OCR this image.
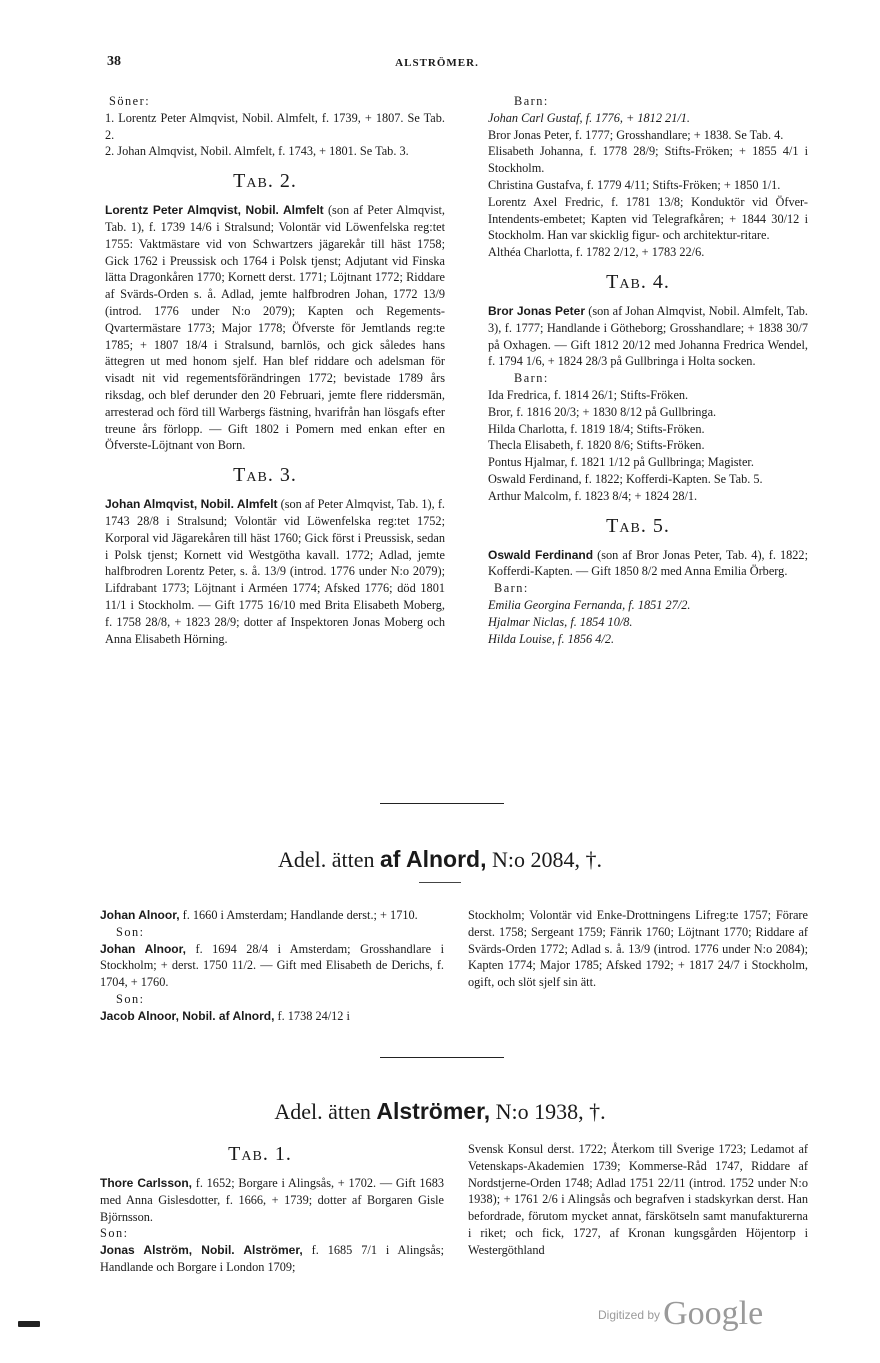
38	ALSTRÖMER.

Söner:

1. Lorentz Peter Almqvist, Nobil. Almfelt, f. 1739, + 1807. Se Tab. 2.

2. Johan Almqvist, Nobil. Almfelt, f. 1743, + 1801. Se Tab. 3.

Tab. 2.

Lorentz Peter Almqvist, Nobil. Almfelt (son af Peter Almqvist, Tab. 1), f. 1739 14/6 i Stralsund; Volontär vid Löwenfelska reg:tet 1755: Vaktmästare vid von Schwartzers jägarekår till häst 1758; Gick 1762 i Preussisk och 1764 i Polsk tjenst; Adjutant vid Finska lätta Dragonkåren 1770; Kornett derst. 1771; Löjtnant 1772; Riddare af Svärds-Orden s. å. Adlad, jemte halfbrodren Johan, 1772 13/9 (introd. 1776 under N:o 2079); Kapten och Regements-Qvartermästare 1773; Major 1778; Öfverste för Jemtlands reg:te 1785; + 1807 18/4 i Stralsund, barnlös, och gick således hans ättegren ut med honom sjelf. Han blef riddare och adelsman för visadt nit vid regementsförändringen 1772; bevistade 1789 års riksdag, och blef derunder den 20 Februari, jemte flere riddersmän, arresterad och förd till Warbergs fästning, hvarifrån han lösgafs efter treune års förlopp. — Gift 1802 i Pomern med enkan efter en Öfverste-Löjtnant von Born.

Tab. 3.

Johan Almqvist, Nobil. Almfelt (son af Peter Almqvist, Tab. 1), f. 1743 28/8 i Stralsund; Volontär vid Löwenfelska reg:tet 1752; Korporal vid Jägarekåren till häst 1760; Gick först i Preussisk, sedan i Polsk tjenst; Kornett vid Westgötha kavall. 1772; Adlad, jemte halfbrodren Lorentz Peter, s. å. 13/9 (introd. 1776 under N:o 2079); Lifdrabant 1773; Löjtnant i Arméen 1774; Afsked 1776; död 1801 11/1 i Stockholm. — Gift 1775 16/10 med Brita Elisabeth Moberg, f. 1758 28/8, + 1823 28/9; dotter af Inspektoren Jonas Moberg och Anna Elisabeth Hörning.

Barn:

Johan Carl Gustaf, f. 1776, + 1812 21/1.

Bror Jonas Peter, f. 1777; Grosshandlare; + 1838. Se Tab. 4.

Elisabeth Johanna, f. 1778 28/9; Stifts-Fröken; + 1855 4/1 i Stockholm.

Christina Gustafva, f. 1779 4/11; Stifts-Fröken; + 1850 1/1.

Lorentz Axel Fredric, f. 1781 13/8; Konduktör vid Öfver-Intendents-embetet; Kapten vid Telegrafkåren; + 1844 30/12 i Stockholm. Han var skicklig figur- och architektur-ritare.

Althéa Charlotta, f. 1782 2/12, + 1783 22/6.

Tab. 4.

Bror Jonas Peter (son af Johan Almqvist, Nobil. Almfelt, Tab. 3), f. 1777; Handlande i Götheborg; Grosshandlare; + 1838 30/7 på Oxhagen. — Gift 1812 20/12 med Johanna Fredrica Wendel, f. 1794 1/6, + 1824 28/3 på Gullbringa i Holta socken.

Barn:

Ida Fredrica, f. 1814 26/1; Stifts-Fröken.

Bror, f. 1816 20/3; + 1830 8/12 på Gullbringa.

Hilda Charlotta, f. 1819 18/4; Stifts-Fröken.

Thecla Elisabeth, f. 1820 8/6; Stifts-Fröken.

Pontus Hjalmar, f. 1821 1/12 på Gullbringa; Magister.

Oswald Ferdinand, f. 1822; Kofferdi-Kapten. Se Tab. 5.

Arthur Malcolm, f. 1823 8/4; + 1824 28/1.

Tab. 5.

Oswald Ferdinand (son af Bror Jonas Peter, Tab. 4), f. 1822; Kofferdi-Kapten. — Gift 1850 8/2 med Anna Emilia Örberg.

Barn:

Emilia Georgina Fernanda, f. 1851 27/2.

Hjalmar Niclas, f. 1854 10/8.

Hilda Louise, f. 1856 4/2.

Adel. ätten af Alnord, N:o 2084, †.

Johan Alnoor, f. 1660 i Amsterdam; Handlande derst.; + 1710.

Son:

Johan Alnoor, f. 1694 28/4 i Amsterdam; Grosshandlare i Stockholm; + derst. 1750 11/2. — Gift med Elisabeth de Derichs, f. 1704, + 1760.

Son:

Jacob Alnoor, Nobil. af Alnord, f. 1738 24/12 i

Stockholm; Volontär vid Enke-Drottningens Lifreg:te 1757; Förare derst. 1758; Sergeant 1759; Fänrik 1760; Löjtnant 1770; Riddare af Svärds-Orden 1772; Adlad s. å. 13/9 (introd. 1776 under N:o 2084); Kapten 1774; Major 1785; Afsked 1792; + 1817 24/7 i Stockholm, ogift, och slöt sjelf sin ätt.

Adel. ätten Alströmer, N:o 1938, †.
Tab. 1.

Thore Carlsson, f. 1652; Borgare i Alingsås, + 1702. — Gift 1683 med Anna Gislesdotter, f. 1666, + 1739; dotter af Borgaren Gisle Björnsson.

Son:

Jonas Alström, Nobil. Alströmer, f. 1685 7/1 i Alingsås; Handlande och Borgare i London 1709;

Svensk Konsul derst. 1722; Återkom till Sverige 1723; Ledamot af Vetenskaps-Akademien 1739; Kommerse-Råd 1747, Riddare af Nordstjerne-Orden 1748; Adlad 1751 22/11 (introd. 1752 under N:o 1938); + 1761 2/6 i Alingsås och begrafven i stadskyrkan derst. Han befordrade, förutom mycket annat, färskötseln samt manufakturerna i riket; och fick, 1727, af Kronan kungsgården Höjentorp i Westergöthland

Digitized by Google
